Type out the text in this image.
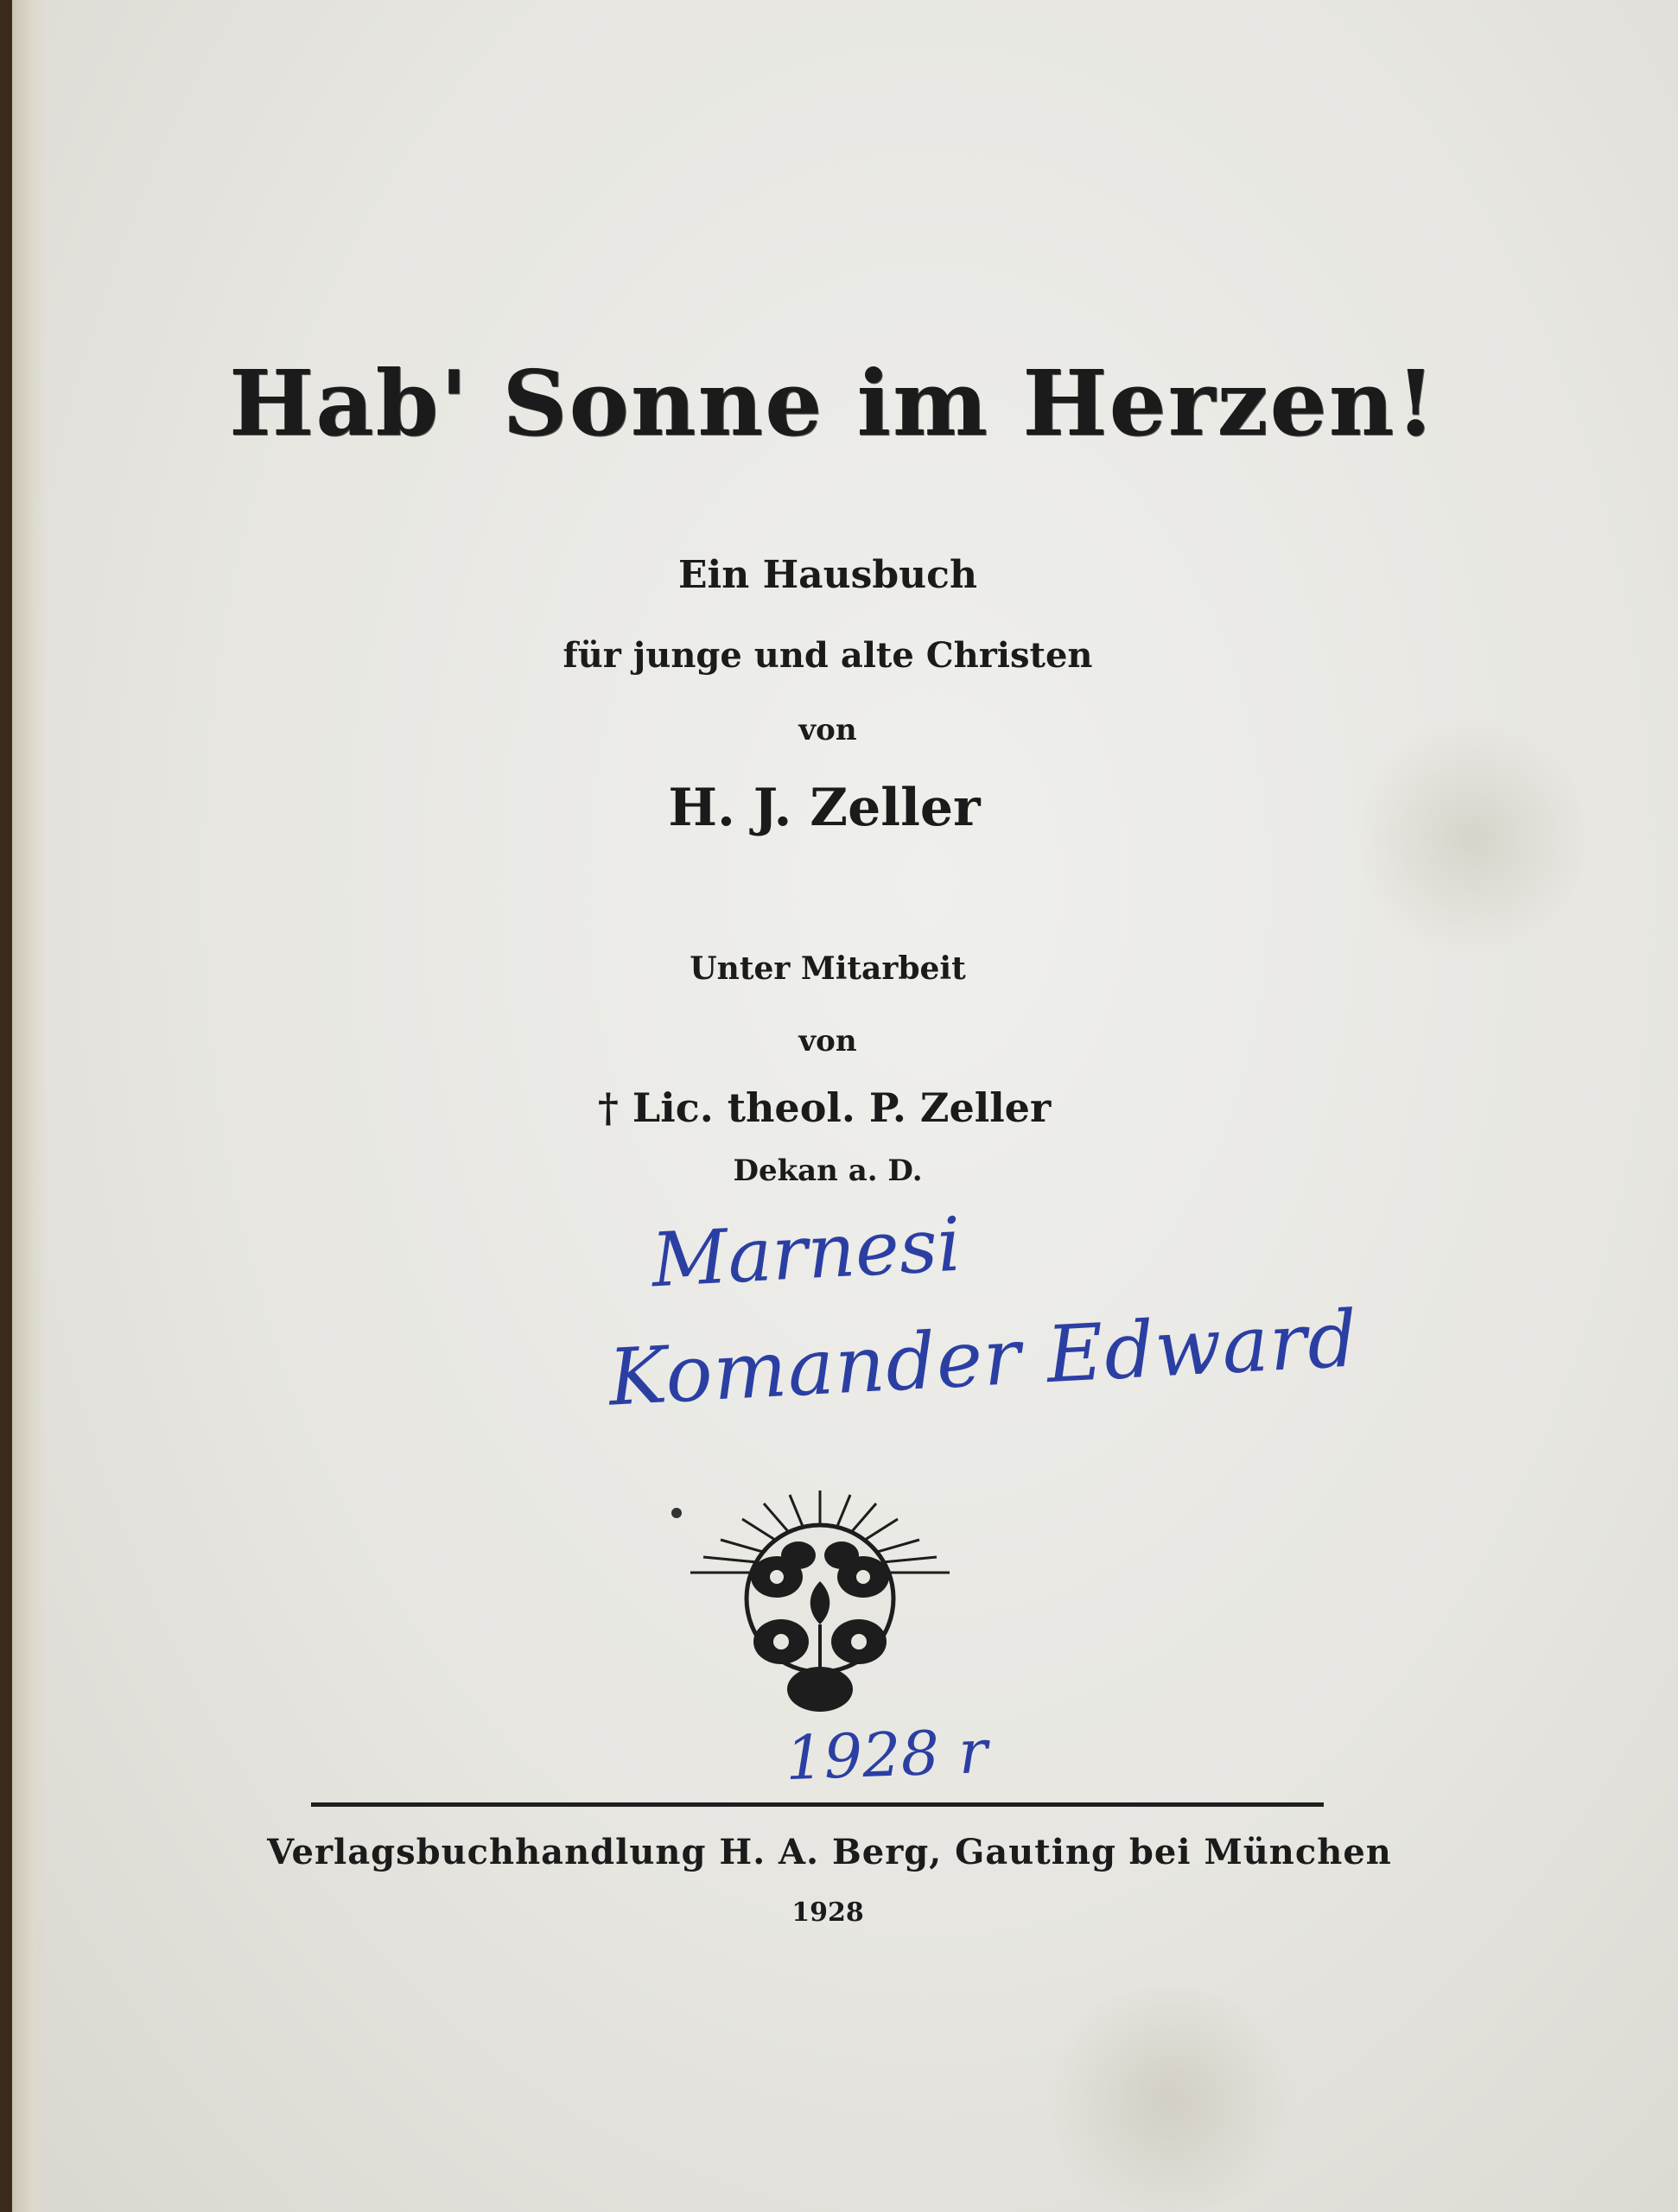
Hab' Sonne im Herzen!
Ein Hausbuch
für junge und alte Christen
von
H. J. Zeller
Unter Mitarbeit
von
† Lic. theol. P. Zeller
Dekan a. D.
Marnesi
Komander Edward
1928 r
Verlagsbuchhandlung H. A. Berg, Gauting bei München
1928
